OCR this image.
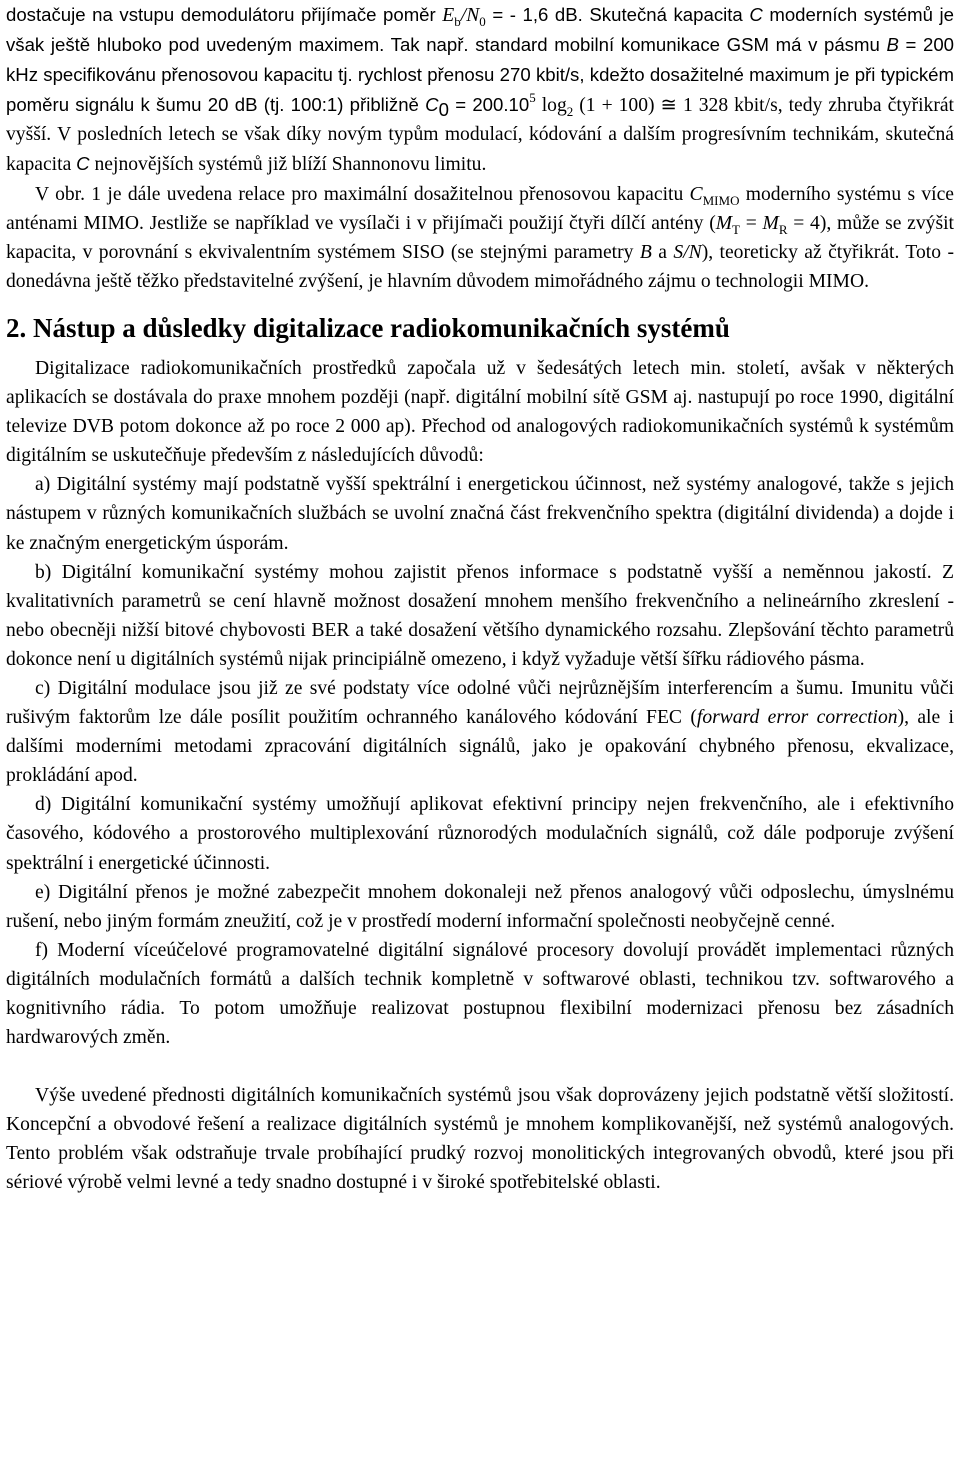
dostačuje na vstupu demodulátoru přijímače poměr $E_b/N_0$ = - 1,6 dB. Skutečná kapacita C moderních systémů je však ještě hluboko pod uvedeným maximem. Tak např. standard mobilní komunikace GSM má v pásmu B = 200 kHz specifikovánu přenosovou kapacitu tj. rychlost přenosu 270 kbit/s, kdežto dosažitelné maximum je při typickém poměru signálu k šumu 20 dB (tj. 100:1) přibližně $C_0 = 200.10^5$ $\log_2 (1 + 100)$ ≅ 1 328 kbit/s, tedy zhruba čtyřikrát vyšší. V posledních letech se však díky novým typům modulací, kódování a dalším progresívním technikám, skutečná kapacita C nejnovějších systémů již blíží Shannonovu limitu.

V obr. 1 je dále uvedena relace pro maximální dosažitelnou přenosovou kapacitu $C_{MIMO}$ moderního systému s více anténami MIMO. Jestliže se například ve vysílači i v přijímači použijí čtyři dílčí antény $(M_T = M_R = 4)$, může se zvýšit kapacita, v porovnání s ekvivalentním systémem SISO (se stejnými parametry B a S/N), teoreticky až čtyřikrát. Toto - donedávna ještě těžko představitelné zvýšení, je hlavním důvodem mimořádného zájmu o technologii MIMO.

2. Nástup a důsledky digitalizace radiokomunikačních systémů

Digitalizace radiokomunikačních prostředků započala už v šedesátých letech min. století, avšak v některých aplikacích se dostávala do praxe mnohem později (např. digitální mobilní sítě GSM aj. nastupují po roce 1990, digitální televize DVB potom dokonce až po roce 2 000 ap). Přechod od analogových radiokomunikačních systémů k systémům digitálním se uskutečňuje především z následujících důvodů:

a) Digitální systémy mají podstatně vyšší spektrální i energetickou účinnost, než systémy analogové, takže s jejich nástupem v různých komunikačních službách se uvolní značná část frekvenčního spektra (digitální dividenda) a dojde i ke značným energetickým úsporám.

b) Digitální komunikační systémy mohou zajistit přenos informace s podstatně vyšší a neměnnou jakostí. Z kvalitativních parametrů se cení hlavně možnost dosažení mnohem menšího frekvenčního a nelineárního zkreslení - nebo obecněji nižší bitové chybovosti BER a také dosažení většího dynamického rozsahu. Zlepšování těchto parametrů dokonce není u digitálních systémů nijak principiálně omezeno, i když vyžaduje větší šířku rádiového pásma.

c) Digitální modulace jsou již ze své podstaty více odolné vůči nejrůznějším interferencím a šumu. Imunitu vůči rušivým faktorům lze dále posílit použitím ochranného kanálového kódování FEC (forward error correction), ale i dalšími moderními metodami zpracování digitálních signálů, jako je opakování chybného přenosu, ekvalizace, prokládání apod.

d) Digitální komunikační systémy umožňují aplikovat efektivní principy nejen frekvenčního, ale i efektivního časového, kódového a prostorového multiplexování různorodých modulačních signálů, což dále podporuje zvýšení spektrální i energetické účinnosti.

e) Digitální přenos je možné zabezpečit mnohem dokonaleji než přenos analogový vůči odposlechu, úmyslnému rušení, nebo jiným formám zneužití, což je v prostředí moderní informační společnosti neobyčejně cenné.

f) Moderní víceúčelové programovatelné digitální signálové procesory dovolují provádět implementaci různých digitálních modulačních formátů a dalších technik kompletně v softwarové oblasti, technikou tzv. softwarového a kognitivního rádia. To potom umožňuje realizovat postupnou flexibilní modernizaci přenosu bez zásadních hardwarových změn.

Výše uvedené přednosti digitálních komunikačních systémů jsou však doprovázeny jejich podstatně větší složitostí. Koncepční a obvodové řešení a realizace digitálních systémů je mnohem komplikovanější, než systémů analogových. Tento problém však odstraňuje trvale probíhající prudký rozvoj monolitických integrovaných obvodů, které jsou při sériové výrobě velmi levné a tedy snadno dostupné i v široké spotřebitelské oblasti.
